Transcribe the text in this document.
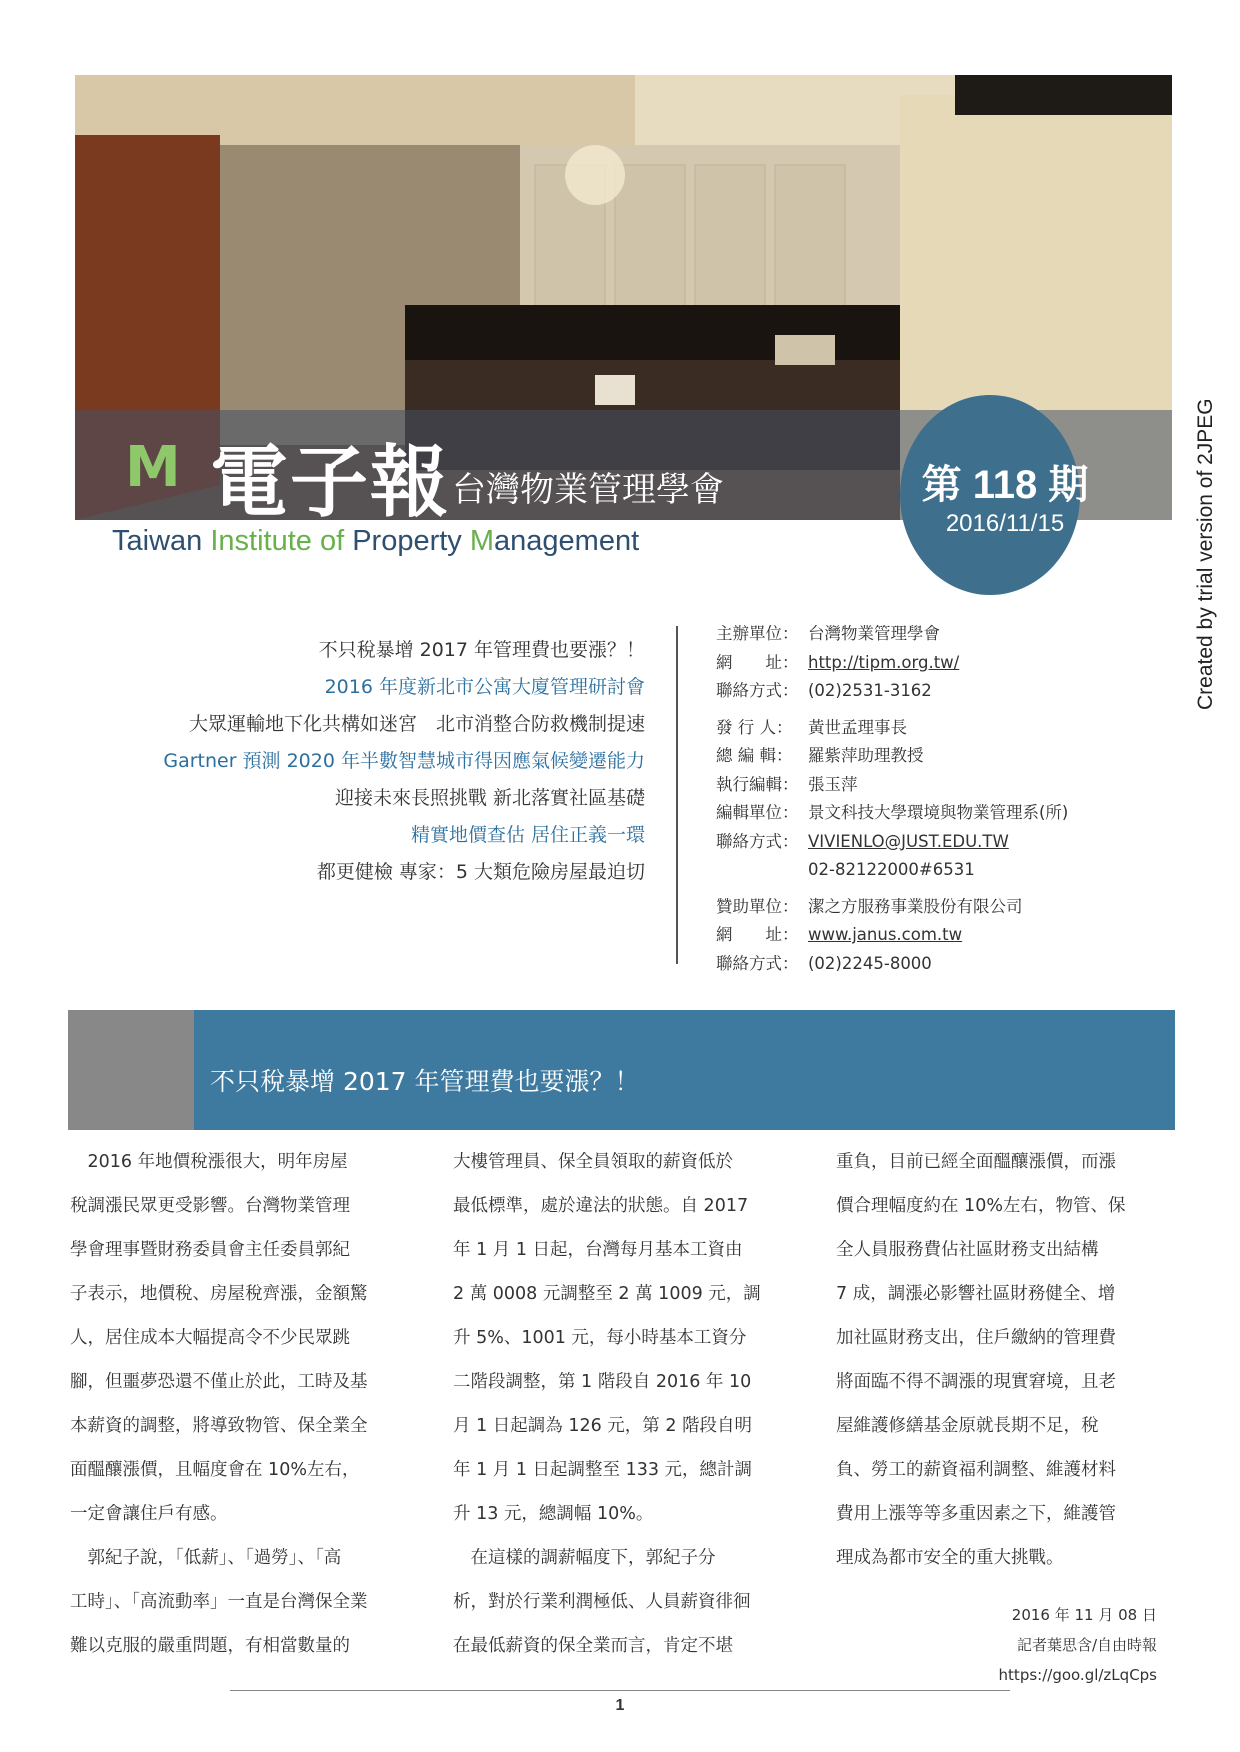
M 電子報 台灣物業管理學會
Taiwan Institute of Property Management
第 118 期
2016/11/15
不只稅暴增 2017 年管理費也要漲？！
2016 年度新北市公寓大廈管理研討會
大眾運輸地下化共構如迷宮　北市消整合防救機制提速
Gartner 預測 2020 年半數智慧城市得因應氣候變遷能力
迎接未來長照挑戰 新北落實社區基礎
精實地價查估 居住正義一環
都更健檢 專家：5 大類危險房屋最迫切
主辦單位： 台灣物業管理學會
網　　址： http://tipm.org.tw/
聯絡方式： (02)2531-3162
發 行 人： 黃世孟理事長
總 編 輯： 羅紫萍助理教授
執行編輯： 張玉萍
編輯單位： 景文科技大學環境與物業管理系(所)
聯絡方式： VIVIENLO@JUST.EDU.TW
02-82122000#6531
贊助單位： 潔之方服務事業股份有限公司
網　　址： www.janus.com.tw
聯絡方式： (02)2245-8000
不只稅暴增 2017 年管理費也要漲？！
　2016 年地價稅漲很大，明年房屋
稅調漲民眾更受影響。台灣物業管理
學會理事暨財務委員會主任委員郭紀
子表示，地價稅、房屋稅齊漲，金額驚
人，居住成本大幅提高令不少民眾跳
腳，但噩夢恐還不僅止於此，工時及基
本薪資的調整，將導致物管、保全業全
面醞釀漲價，且幅度會在 10%左右，
一定會讓住戶有感。
　郭紀子說，「低薪」、「過勞」、「高
工時」、「高流動率」一直是台灣保全業
難以克服的嚴重問題，有相當數量的
大樓管理員、保全員領取的薪資低於
最低標準，處於違法的狀態。自 2017
年 1 月 1 日起，台灣每月基本工資由
2 萬 0008 元調整至 2 萬 1009 元，調
升 5%、1001 元，每小時基本工資分
二階段調整，第 1 階段自 2016 年 10
月 1 日起調為 126 元，第 2 階段自明
年 1 月 1 日起調整至 133 元，總計調
升 13 元，總調幅 10%。
　在這樣的調薪幅度下，郭紀子分
析，對於行業利潤極低、人員薪資徘徊
在最低薪資的保全業而言，肯定不堪
重負，目前已經全面醞釀漲價，而漲
價合理幅度約在 10%左右，物管、保
全人員服務費佔社區財務支出結構
7 成，調漲必影響社區財務健全、增
加社區財務支出，住戶繳納的管理費
將面臨不得不調漲的現實窘境，且老
屋維護修繕基金原就長期不足，稅
負、勞工的薪資福利調整、維護材料
費用上漲等等多重因素之下，維護管
理成為都市安全的重大挑戰。
2016 年 11 月 08 日
記者葉思含/自由時報
https://goo.gl/zLqCps
1
Created by trial version of 2JPEG
